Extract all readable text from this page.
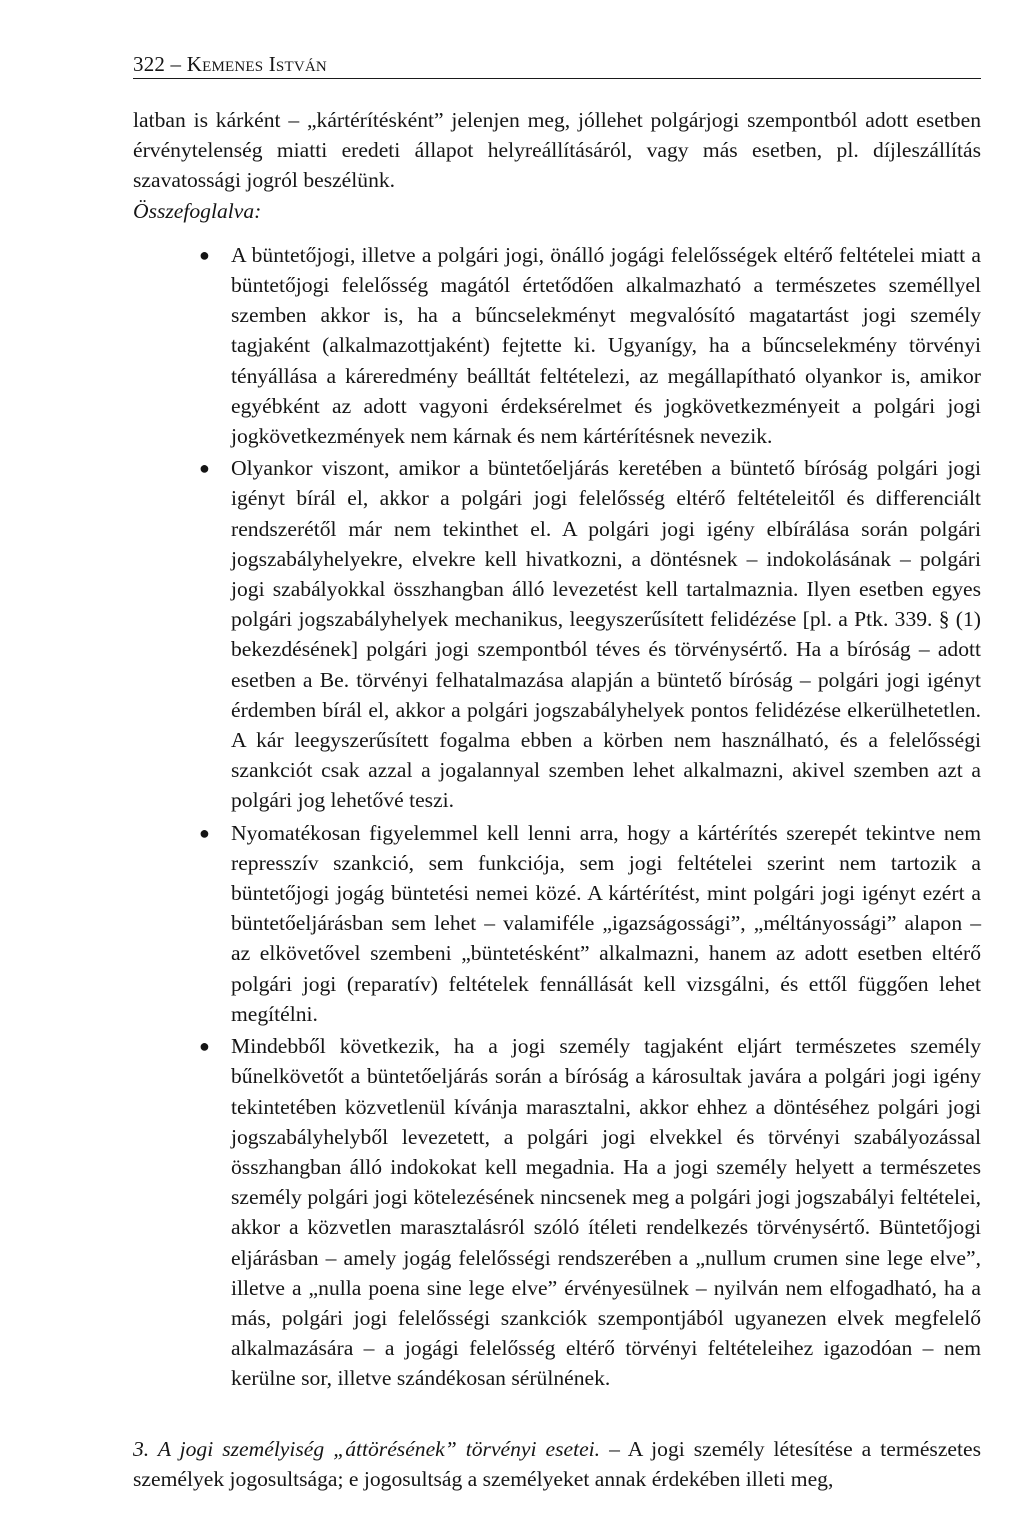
322 – Kemenes István

latban is kárként – „kártérítésként” jelenjen meg, jóllehet polgárjogi szempontból adott esetben érvénytelenség miatti eredeti állapot helyreállításáról, vagy más esetben, pl. díjleszállítás szavatossági jogról beszélünk.

Összefoglalva:

● A büntetőjogi, illetve a polgári jogi, önálló jogági felelősségek eltérő feltételei miatt a büntetőjogi felelősség magától értetődően alkalmazható a természetes személlyel szemben akkor is, ha a bűncselekményt megvalósító magatartást jogi személy tagjaként (alkalmazottjaként) fejtette ki. Ugyanígy, ha a bűncselekmény törvényi tényállása a káreredmény beálltát feltételezi, az megállapítható olyankor is, amikor egyébként az adott vagyoni érdeksérelmet és jogkövetkezményeit a polgári jogi jogkövetkezmények nem kárnak és nem kártérítésnek nevezik.
● Olyankor viszont, amikor a büntetőeljárás keretében a büntető bíróság polgári jogi igényt bírál el, akkor a polgári jogi felelősség eltérő feltételeitől és differenciált rendszerétől már nem tekinthet el. A polgári jogi igény elbírálása során polgári jogszabályhelyekre, elvekre kell hivatkozni, a döntésnek – indokolásának – polgári jogi szabályokkal összhangban álló levezetést kell tartalmaznia. Ilyen esetben egyes polgári jogszabályhelyek mechanikus, leegyszerűsített felidézése [pl. a Ptk. 339. § (1) bekezdésének] polgári jogi szempontból téves és törvénysértő. Ha a bíróság – adott esetben a Be. törvényi felhatalmazása alapján a büntető bíróság – polgári jogi igényt érdemben bírál el, akkor a polgári jogszabályhelyek pontos felidézése elkerülhetetlen. A kár leegyszerűsített fogalma ebben a körben nem használható, és a felelősségi szankciót csak azzal a jogalannyal szemben lehet alkalmazni, akivel szemben azt a polgári jog lehetővé teszi.
● Nyomatékosan figyelemmel kell lenni arra, hogy a kártérítés szerepét tekintve nem represszív szankció, sem funkciója, sem jogi feltételei szerint nem tartozik a büntetőjogi jogág büntetési nemei közé. A kártérítést, mint polgári jogi igényt ezért a büntetőeljárásban sem lehet – valamiféle „igazságossági”, „méltányossági” alapon – az elkövetővel szembeni „büntetésként” alkalmazni, hanem az adott esetben eltérő polgári jogi (reparatív) feltételek fennállását kell vizsgálni, és ettől függően lehet megítélni.
● Mindebből következik, ha a jogi személy tagjaként eljárt természetes személy bűnelkövetőt a büntetőeljárás során a bíróság a károsultak javára a polgári jogi igény tekintetében közvetlenül kívánja marasztalni, akkor ehhez a döntéséhez polgári jogi jogszabályhelyből levezetett, a polgári jogi elvekkel és törvényi szabályozással összhangban álló indokokat kell megadnia. Ha a jogi személy helyett a természetes személy polgári jogi kötelezésének nincsenek meg a polgári jogi jogszabályi feltételei, akkor a közvetlen marasztalásról szóló ítéleti rendelkezés törvénysértő. Büntetőjogi eljárásban – amely jogág felelősségi rendszerében a „nullum crumen sine lege elve”, illetve a „nulla poena sine lege elve” érvényesülnek – nyilván nem elfogadható, ha a más, polgári jogi felelősségi szankciók szempontjából ugyanezen elvek megfelelő alkalmazására – a jogági felelősség eltérő törvényi feltételeihez igazodóan – nem kerülne sor, illetve szándékosan sérülnének.

3. A jogi személyiség „áttörésének” törvényi esetei. – A jogi személy létesítése a természetes személyek jogosultsága; e jogosultság a személyeket annak érdekében illeti meg,
